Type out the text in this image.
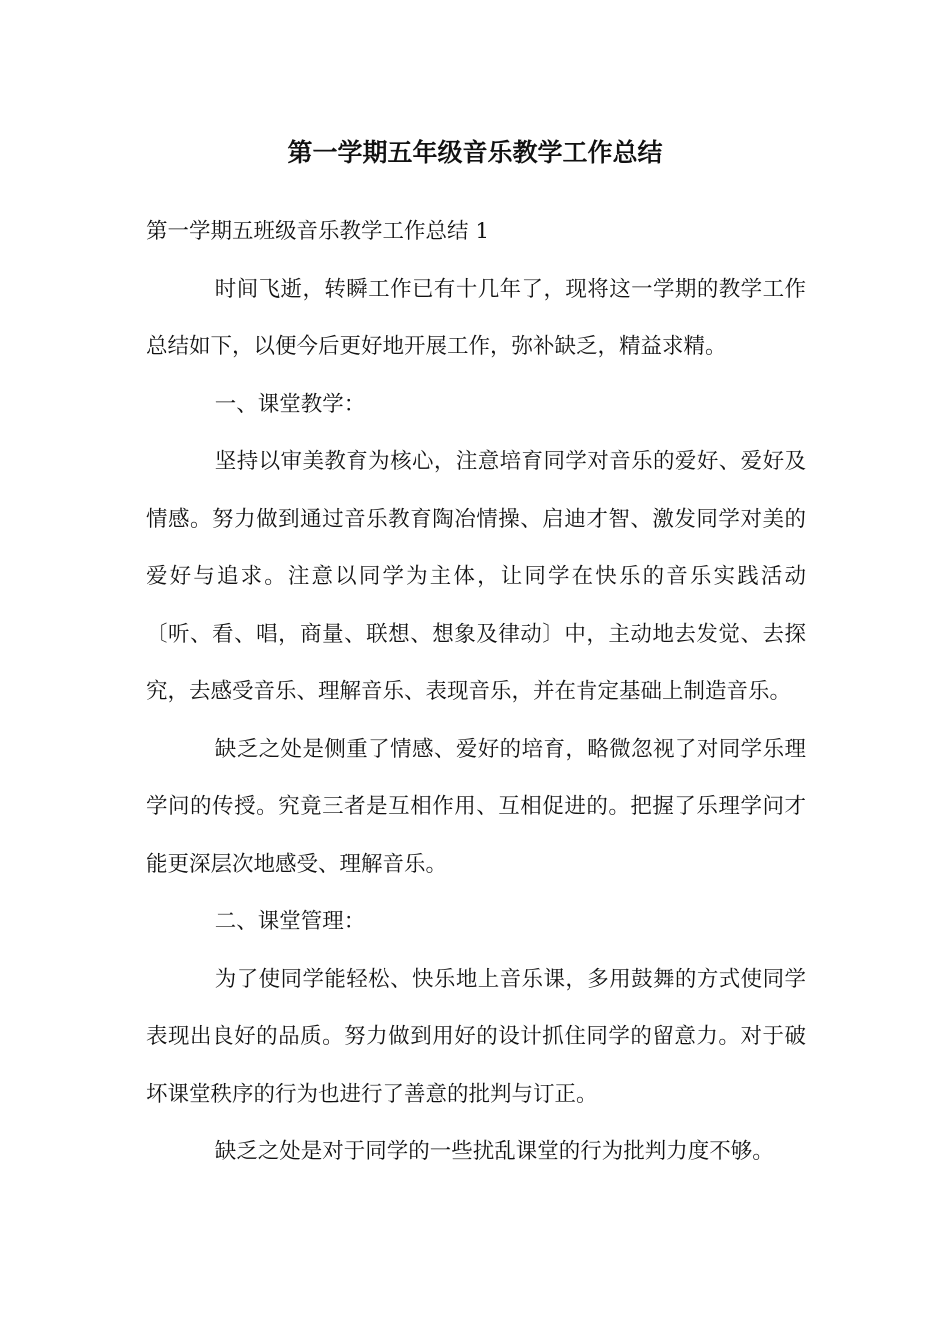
第一学期五年级音乐教学工作总结

第一学期五班级音乐教学工作总结 1

时间飞逝，转瞬工作已有十几年了，现将这一学期的教学工作总结如下，以便今后更好地开展工作，弥补缺乏，精益求精。

一、课堂教学：

坚持以审美教育为核心，注意培育同学对音乐的爱好、爱好及情感。努力做到通过音乐教育陶冶情操、启迪才智、激发同学对美的爱好与追求。注意以同学为主体，让同学在快乐的音乐实践活动〔听、看、唱，商量、联想、想象及律动〕中，主动地去发觉、去探究，去感受音乐、理解音乐、表现音乐，并在肯定基础上制造音乐。

缺乏之处是侧重了情感、爱好的培育，略微忽视了对同学乐理学问的传授。究竟三者是互相作用、互相促进的。把握了乐理学问才能更深层次地感受、理解音乐。

二、课堂管理：

为了使同学能轻松、快乐地上音乐课，多用鼓舞的方式使同学表现出良好的品质。努力做到用好的设计抓住同学的留意力。对于破坏课堂秩序的行为也进行了善意的批判与订正。

缺乏之处是对于同学的一些扰乱课堂的行为批判力度不够。
